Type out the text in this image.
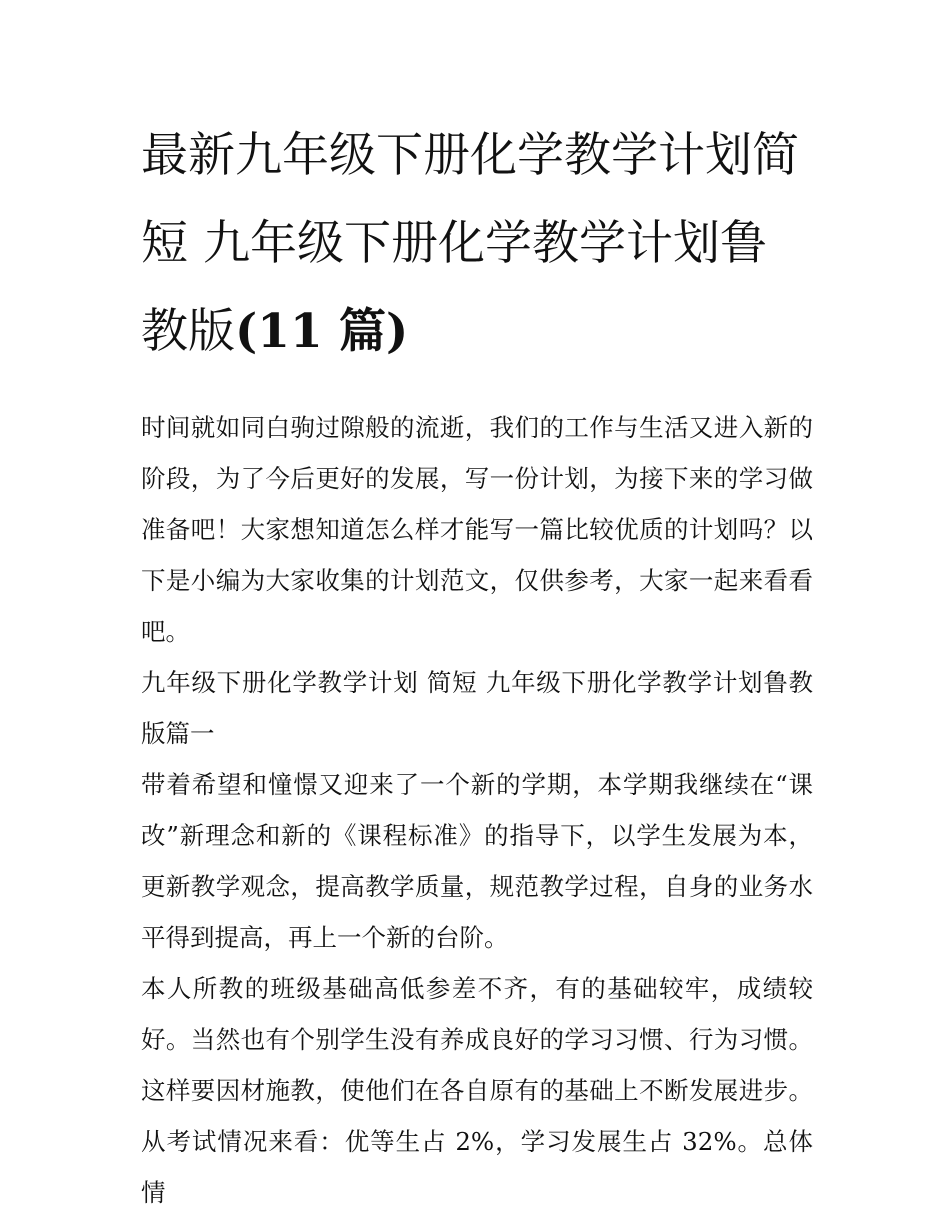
最新九年级下册化学教学计划简短 九年级下册化学教学计划鲁教版(11 篇)

时间就如同白驹过隙般的流逝，我们的工作与生活又进入新的阶段，为了今后更好的发展，写一份计划，为接下来的学习做准备吧！大家想知道怎么样才能写一篇比较优质的计划吗？以下是小编为大家收集的计划范文，仅供参考，大家一起来看看吧。

九年级下册化学教学计划 简短 九年级下册化学教学计划鲁教版篇一

带着希望和憧憬又迎来了一个新的学期，本学期我继续在“课改”新理念和新的《课程标准》的指导下，以学生发展为本，更新教学观念，提高教学质量，规范教学过程，自身的业务水平得到提高，再上一个新的台阶。

本人所教的班级基础高低参差不齐，有的基础较牢，成绩较好。当然也有个别学生没有养成良好的学习习惯、行为习惯。这样要因材施教，使他们在各自原有的基础上不断发展进步。从考试情况来看：优等生占 2%，学习发展生占 32%。总体情
